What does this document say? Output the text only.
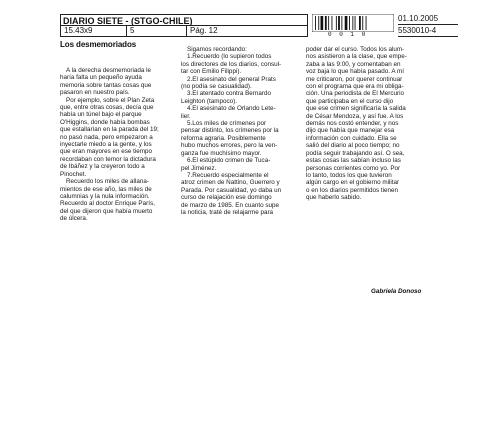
DIARIO SIETE - (STGO-CHILE)
15.43x9	5	Pág. 12	0 0 1 0
01.10.2005
5530010-4
Los desmemoriados

A la derecha desmemoriada le

haría falta un pequeño ayuda

memoria sobre tantas cosas que

pasaron en nuestro país.

Por ejemplo, sobre el Plan Zeta

que, entre otras cosas, decía que

había un túnel bajo el parque

O'Higgins, donde había bombas

que estallarían en la parada del 19;

no pasó nada, pero empezaron a

inyectarle miedo a la gente, y los

que eran mayores en ese tiempo

recordaban con temor la dictadura

de Ibáñez y la creyeron todo a

Pinochet.

Recuerdo los miles de allana-

mientos de ese año, las miles de

calumnias y la nula información.

Recuerdo al doctor Enrique París,

del que dijeron que había muerto

de úlcera.

Sigamos recordando:

1.Recuerdo (lo supieron todos

los directores de los diarios, consul-

tar con Emilio Filippi).

2.El asesinato del general Prats

(no podía se casualidad).

3.El atentado contra Bernardo

Leighton (tampoco).

4.El asesinato de Orlando Lete-

lier.

5.Los miles de crímenes por

pensar distinto, los crímenes por la

reforma agraria. Posiblemente

hubo muchos errores, pero la ven-

ganza fue muchísimo mayor.

6.El estúpido crimen de Tuca-

pel Jiménez.

7.Recuerdo especialmente el

atroz crimen de Nattino, Guerrero y

Parada. Por casualidad, yo daba un

curso de relajación ese domingo

de marzo de 1985. En cuanto supe

la noticia, traté de relajarme para

poder dar el curso. Todos los alum-

nos asistieron a la clase, que empe-

zaba a las 9:00, y comentaban en

voz baja lo que había pasado. A mí

me criticaron, por querer continuar

con el programa que era mi obliga-

ción. Una periodista de El Mercurio

que participaba en el curso dijo

que ese crimen significaría la salida

de César Mendoza, y así fue. A los

demás nos costó entender, y nos

dijo que había que manejar esa

información con cuidado. Ella se

salió del diario al poco tiempo; no

podía seguir trabajando así. O sea,

estas cosas las sabían incluso las

personas corrientes como yo. Por

lo tanto, todos los que tuvieron

algún cargo en el gobierno militar

o en los diarios permitidos tienen

que haberlo sabido.

Gabriela Donoso
